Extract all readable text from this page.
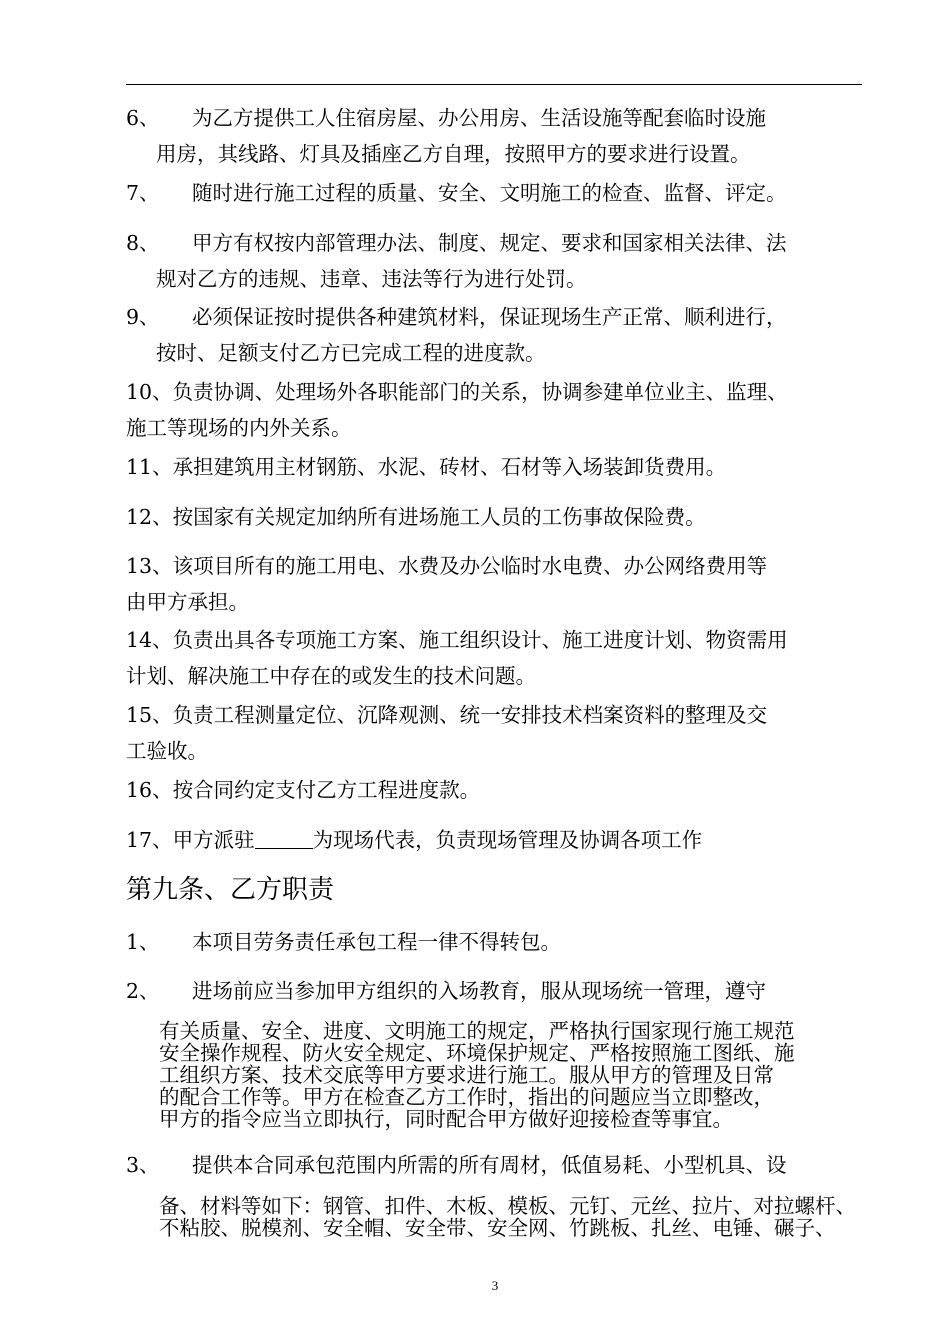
6、	为乙方提供工人住宿房屋、办公用房、生活设施等配套临时设施
用房，其线路、灯具及插座乙方自理，按照甲方的要求进行设置。
7、	随时进行施工过程的质量、安全、文明施工的检查、监督、评定。
8、	甲方有权按内部管理办法、制度、规定、要求和国家相关法律、法
规对乙方的违规、违章、违法等行为进行处罚。
9、	必须保证按时提供各种建筑材料，保证现场生产正常、顺利进行，
按时、足额支付乙方已完成工程的进度款。
10、负责协调、处理场外各职能部门的关系，协调参建单位业主、监理、
施工等现场的内外关系。
11、承担建筑用主材钢筋、水泥、砖材、石材等入场装卸货费用。
12、按国家有关规定加纳所有进场施工人员的工伤事故保险费。
13、该项目所有的施工用电、水费及办公临时水电费、办公网络费用等
由甲方承担。
14、负责出具各专项施工方案、施工组织设计、施工进度计划、物资需用
计划、解决施工中存在的或发生的技术问题。
15、负责工程测量定位、沉降观测、统一安排技术档案资料的整理及交
工验收。
16、按合同约定支付乙方工程进度款。
17、甲方派驻	为现场代表，负责现场管理及协调各项工作
第九条、乙方职责
1、	本项目劳务责任承包工程一律不得转包。
2、	进场前应当参加甲方组织的入场教育，服从现场统一管理，遵守
有关质量、安全、进度、文明施工的规定，严格执行国家现行施工规范
安全操作规程、防火安全规定、环境保护规定、严格按照施工图纸、施
工组织方案、技术交底等甲方要求进行施工。服从甲方的管理及日常
的配合工作等。甲方在检查乙方工作时，指出的问题应当立即整改，
甲方的指令应当立即执行，同时配合甲方做好迎接检查等事宜。
3、	提供本合同承包范围内所需的所有周材，低值易耗、小型机具、设
备、材料等如下：钢管、扣件、木板、模板、元钉、元丝、拉片、对拉螺杆、
不粘胶、脱模剂、安全帽、安全带、安全网、竹跳板、扎丝、电锤、碾子、
3
